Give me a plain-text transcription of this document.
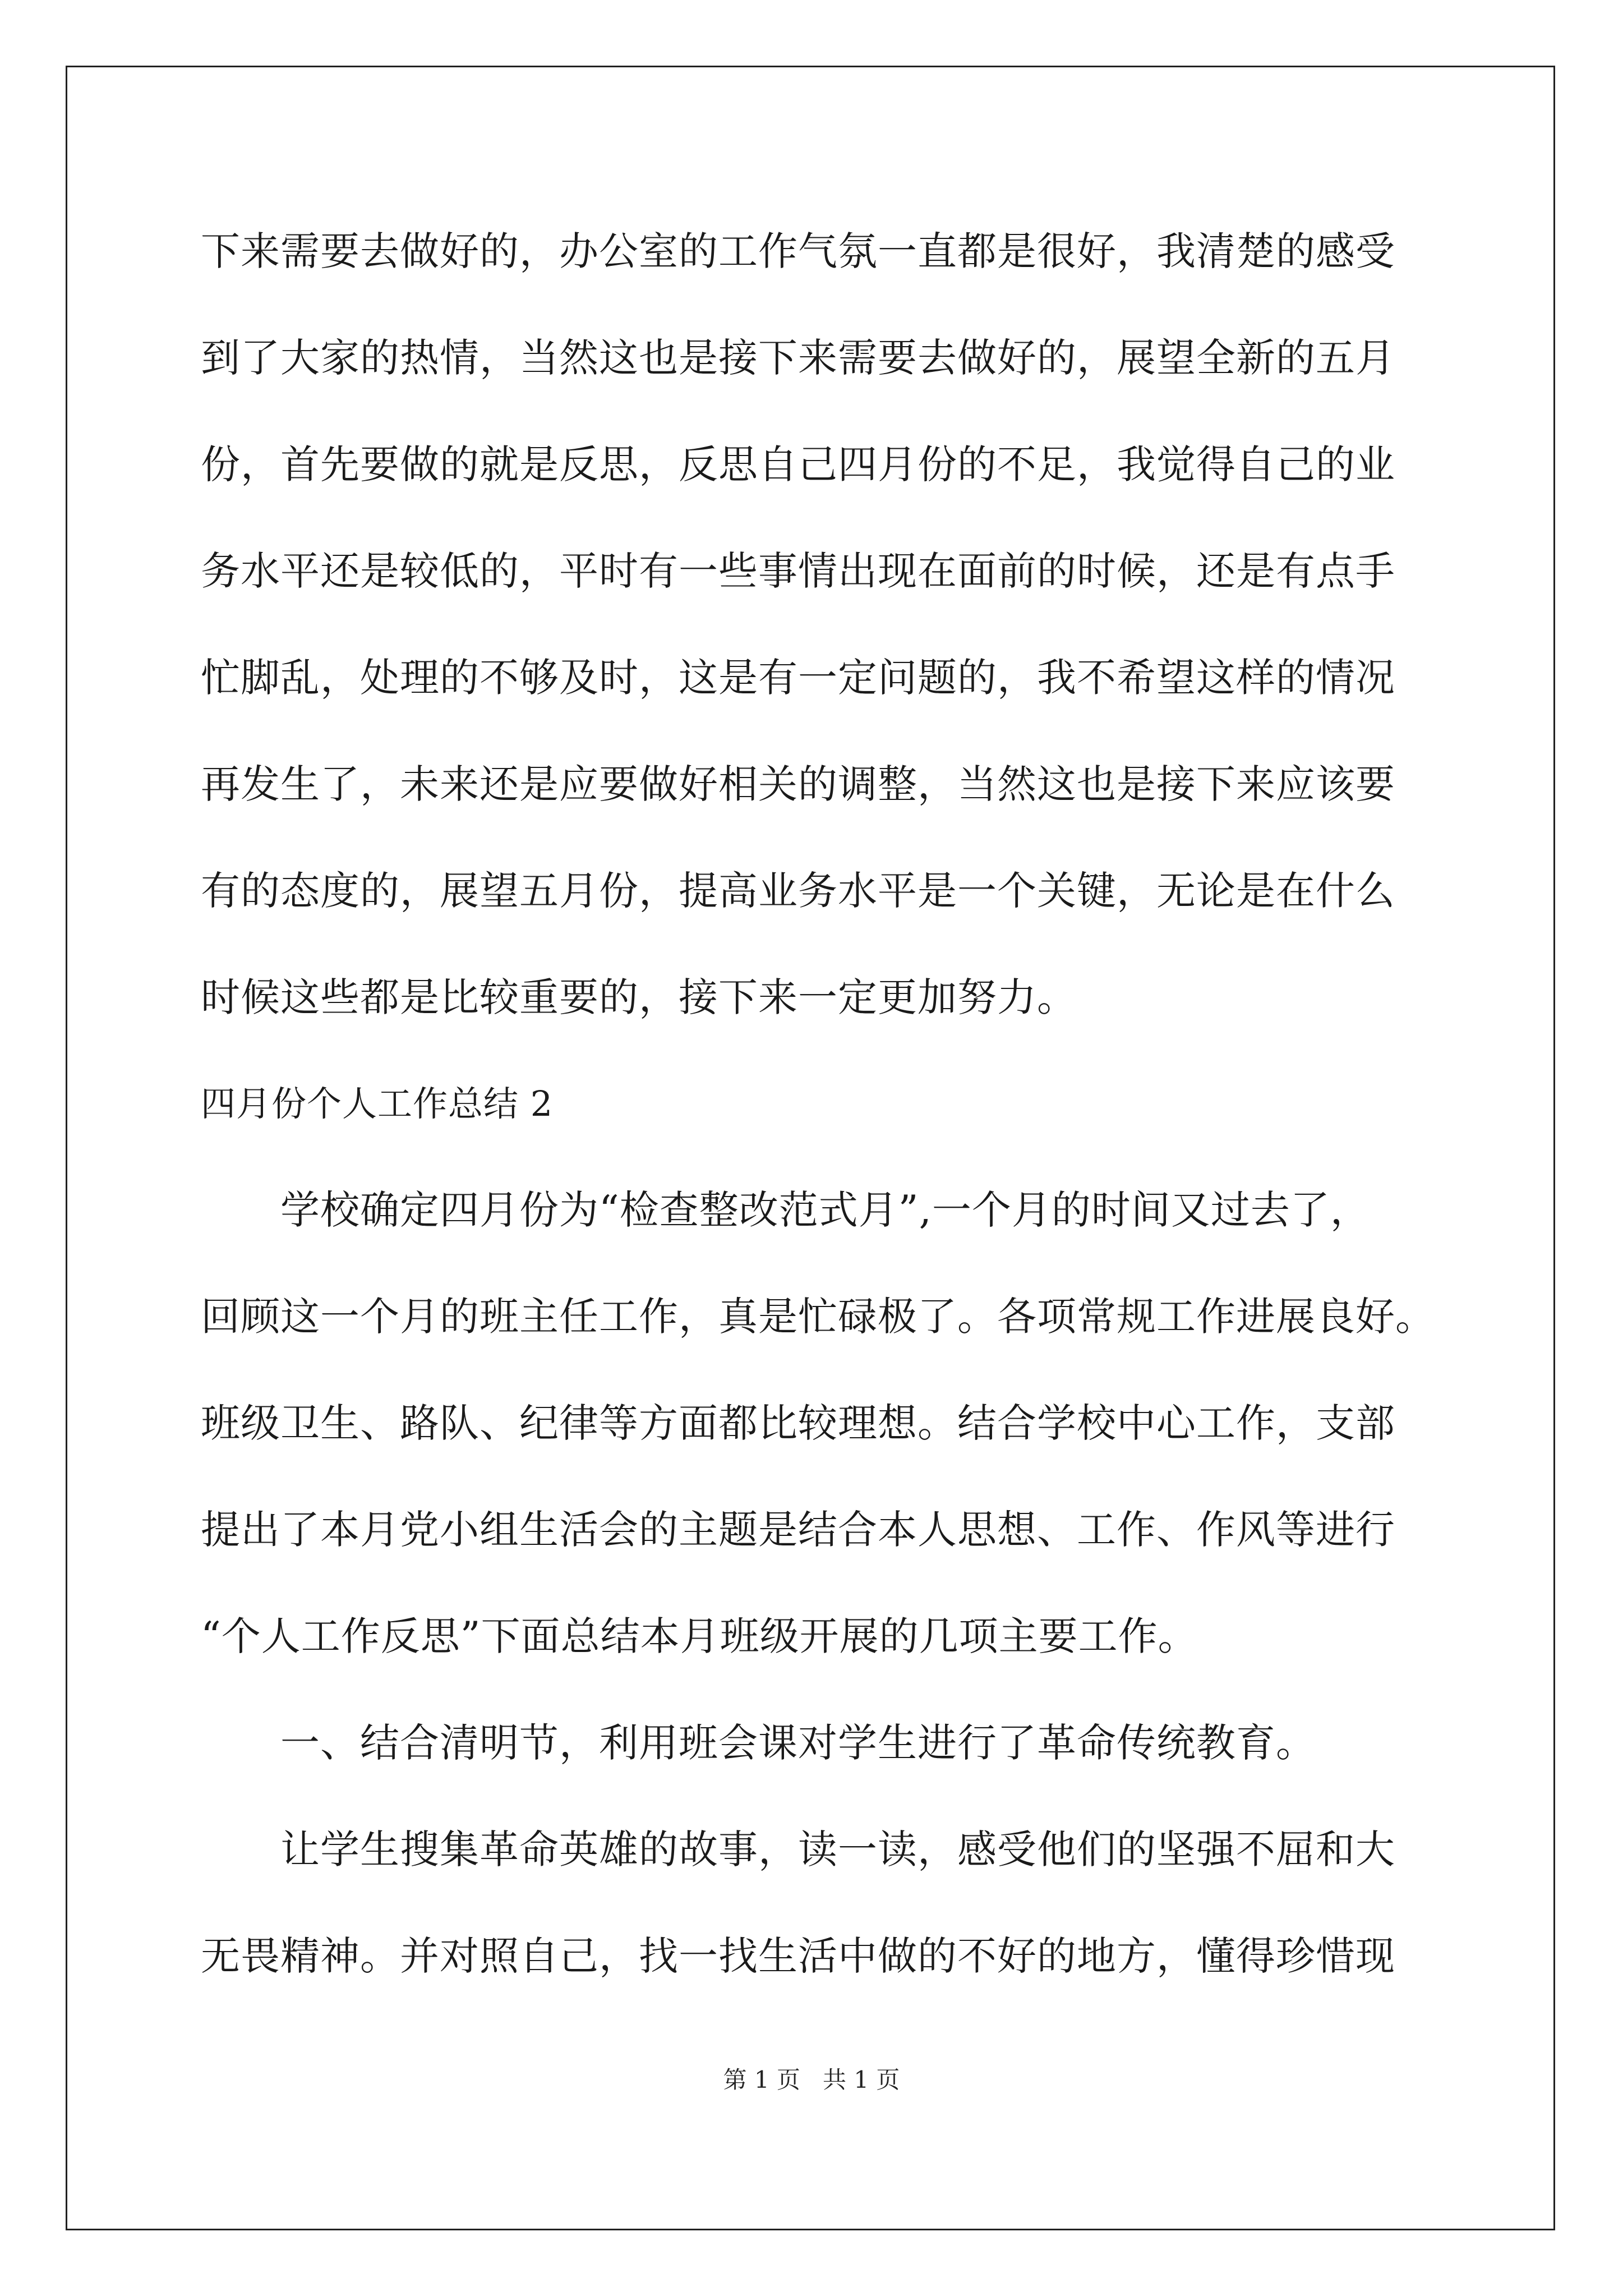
下来需要去做好的，办公室的工作气氛一直都是很好，我清楚的感受

到了大家的热情，当然这也是接下来需要去做好的，展望全新的五月

份，首先要做的就是反思，反思自己四月份的不足，我觉得自己的业

务水平还是较低的，平时有一些事情出现在面前的时候，还是有点手

忙脚乱，处理的不够及时，这是有一定问题的，我不希望这样的情况

再发生了，未来还是应要做好相关的调整，当然这也是接下来应该要

有的态度的，展望五月份，提高业务水平是一个关键，无论是在什么

时候这些都是比较重要的，接下来一定更加努力。

四月份个人工作总结 2

　　学校确定四月份为“检查整改范式月”,一个月的时间又过去了，

回顾这一个月的班主任工作，真是忙碌极了。各项常规工作进展良好。

班级卫生、路队、纪律等方面都比较理想。结合学校中心工作，支部

提出了本月党小组生活会的主题是结合本人思想、工作、作风等进行

“个人工作反思”下面总结本月班级开展的几项主要工作。

　　一、结合清明节，利用班会课对学生进行了革命传统教育。

　　让学生搜集革命英雄的故事，读一读，感受他们的坚强不屈和大

无畏精神。并对照自己，找一找生活中做的不好的地方，懂得珍惜现

第 1 页 共 1 页
